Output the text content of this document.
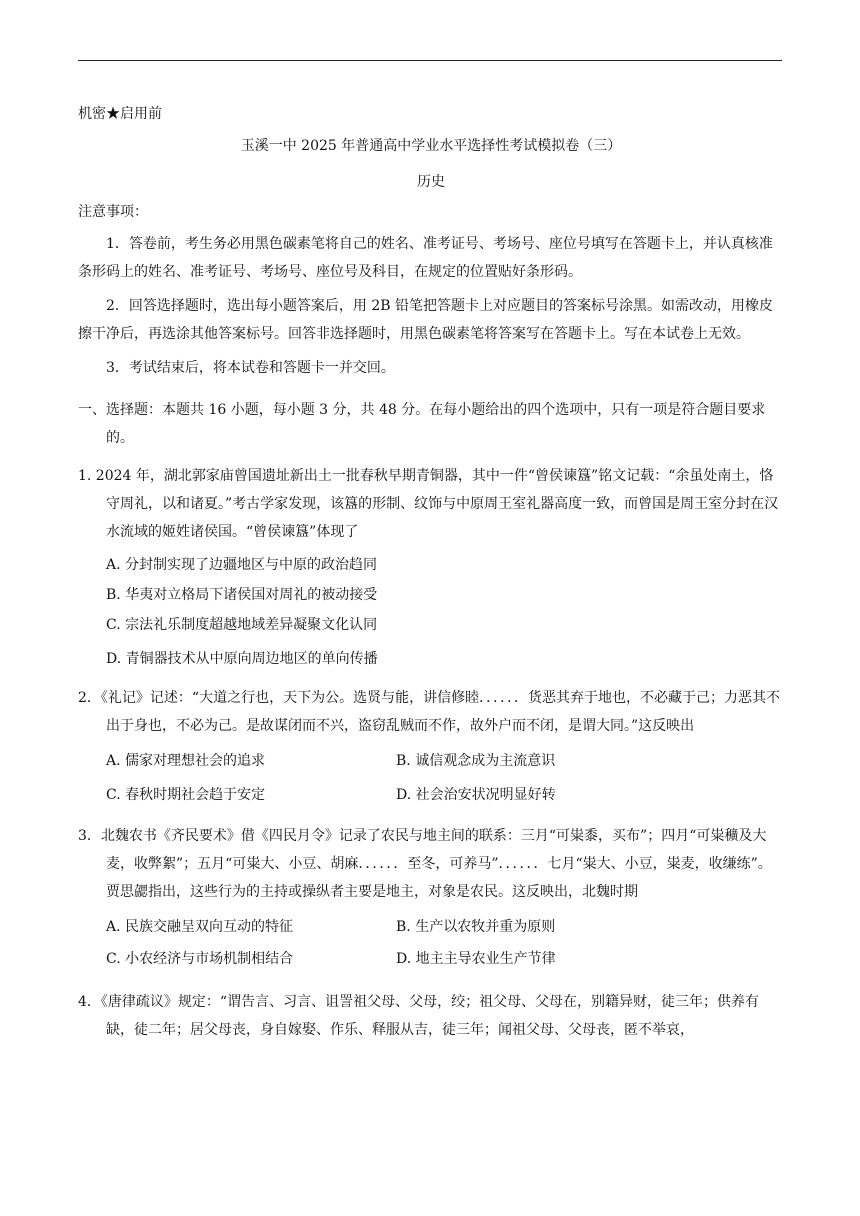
机密★启用前
玉溪一中 2025 年普通高中学业水平选择性考试模拟卷（三）
历史
注意事项：
1．答卷前，考生务必用黑色碳素笔将自己的姓名、准考证号、考场号、座位号填写在答题卡上，并认真核准条形码上的姓名、准考证号、考场号、座位号及科目，在规定的位置贴好条形码。
2．回答选择题时，选出每小题答案后，用 2B 铅笔把答题卡上对应题目的答案标号涂黑。如需改动，用橡皮擦干净后，再选涂其他答案标号。回答非选择题时，用黑色碳素笔将答案写在答题卡上。写在本试卷上无效。
3．考试结束后，将本试卷和答题卡一并交回。
一、选择题：本题共 16 小题，每小题 3 分，共 48 分。在每小题给出的四个选项中，只有一项是符合题目要求的。
1. 2024 年，湖北郭家庙曾国遗址新出土一批春秋早期青铜器，其中一件“曾侯谏簋”铭文记载：“余虽处南土，恪守周礼，以和诸夏。”考古学家发现，该簋的形制、纹饰与中原周王室礼器高度一致，而曾国是周王室分封在汉水流域的姬姓诸侯国。“曾侯谏簋”体现了
A. 分封制实现了边疆地区与中原的政治趋同
B. 华夷对立格局下诸侯国对周礼的被动接受
C. 宗法礼乐制度超越地域差异凝聚文化认同
D. 青铜器技术从中原向周边地区的单向传播
2．《礼记》记述：“大道之行也，天下为公。选贤与能，讲信修睦．．．．．．货恶其弃于地也，不必藏于己；力恶其不出于身也，不必为己。是故谋闭而不兴，盗窃乱贼而不作，故外户而不闭，是谓大同。”这反映出
A. 儒家对理想社会的追求	B. 诚信观念成为主流意识
C. 春秋时期社会趋于安定	D. 社会治安状况明显好转
3．北魏农书《齐民要术》借《四民月令》记录了农民与地主间的联系：三月“可粜黍，买布”；四月“可粜穬及大麦，收弊絮”；五月“可粜大、小豆、胡麻．．．．．．至冬，可养马”．．．．．．七月“粜大、小豆，粜麦，收缣练”。贾思勰指出，这些行为的主持或操纵者主要是地主，对象是农民。这反映出，北魏时期
A. 民族交融呈双向互动的特征	B. 生产以农牧并重为原则
C. 小农经济与市场机制相结合	D. 地主主导农业生产节律
4．《唐律疏议》规定：“谓告言、习言、诅詈祖父母、父母，绞；祖父母、父母在，别籍异财，徒三年；供养有缺，徒二年；居父母丧，身自嫁娶、作乐、释服从吉，徒三年；闻祖父母、父母丧，匿不举哀，
